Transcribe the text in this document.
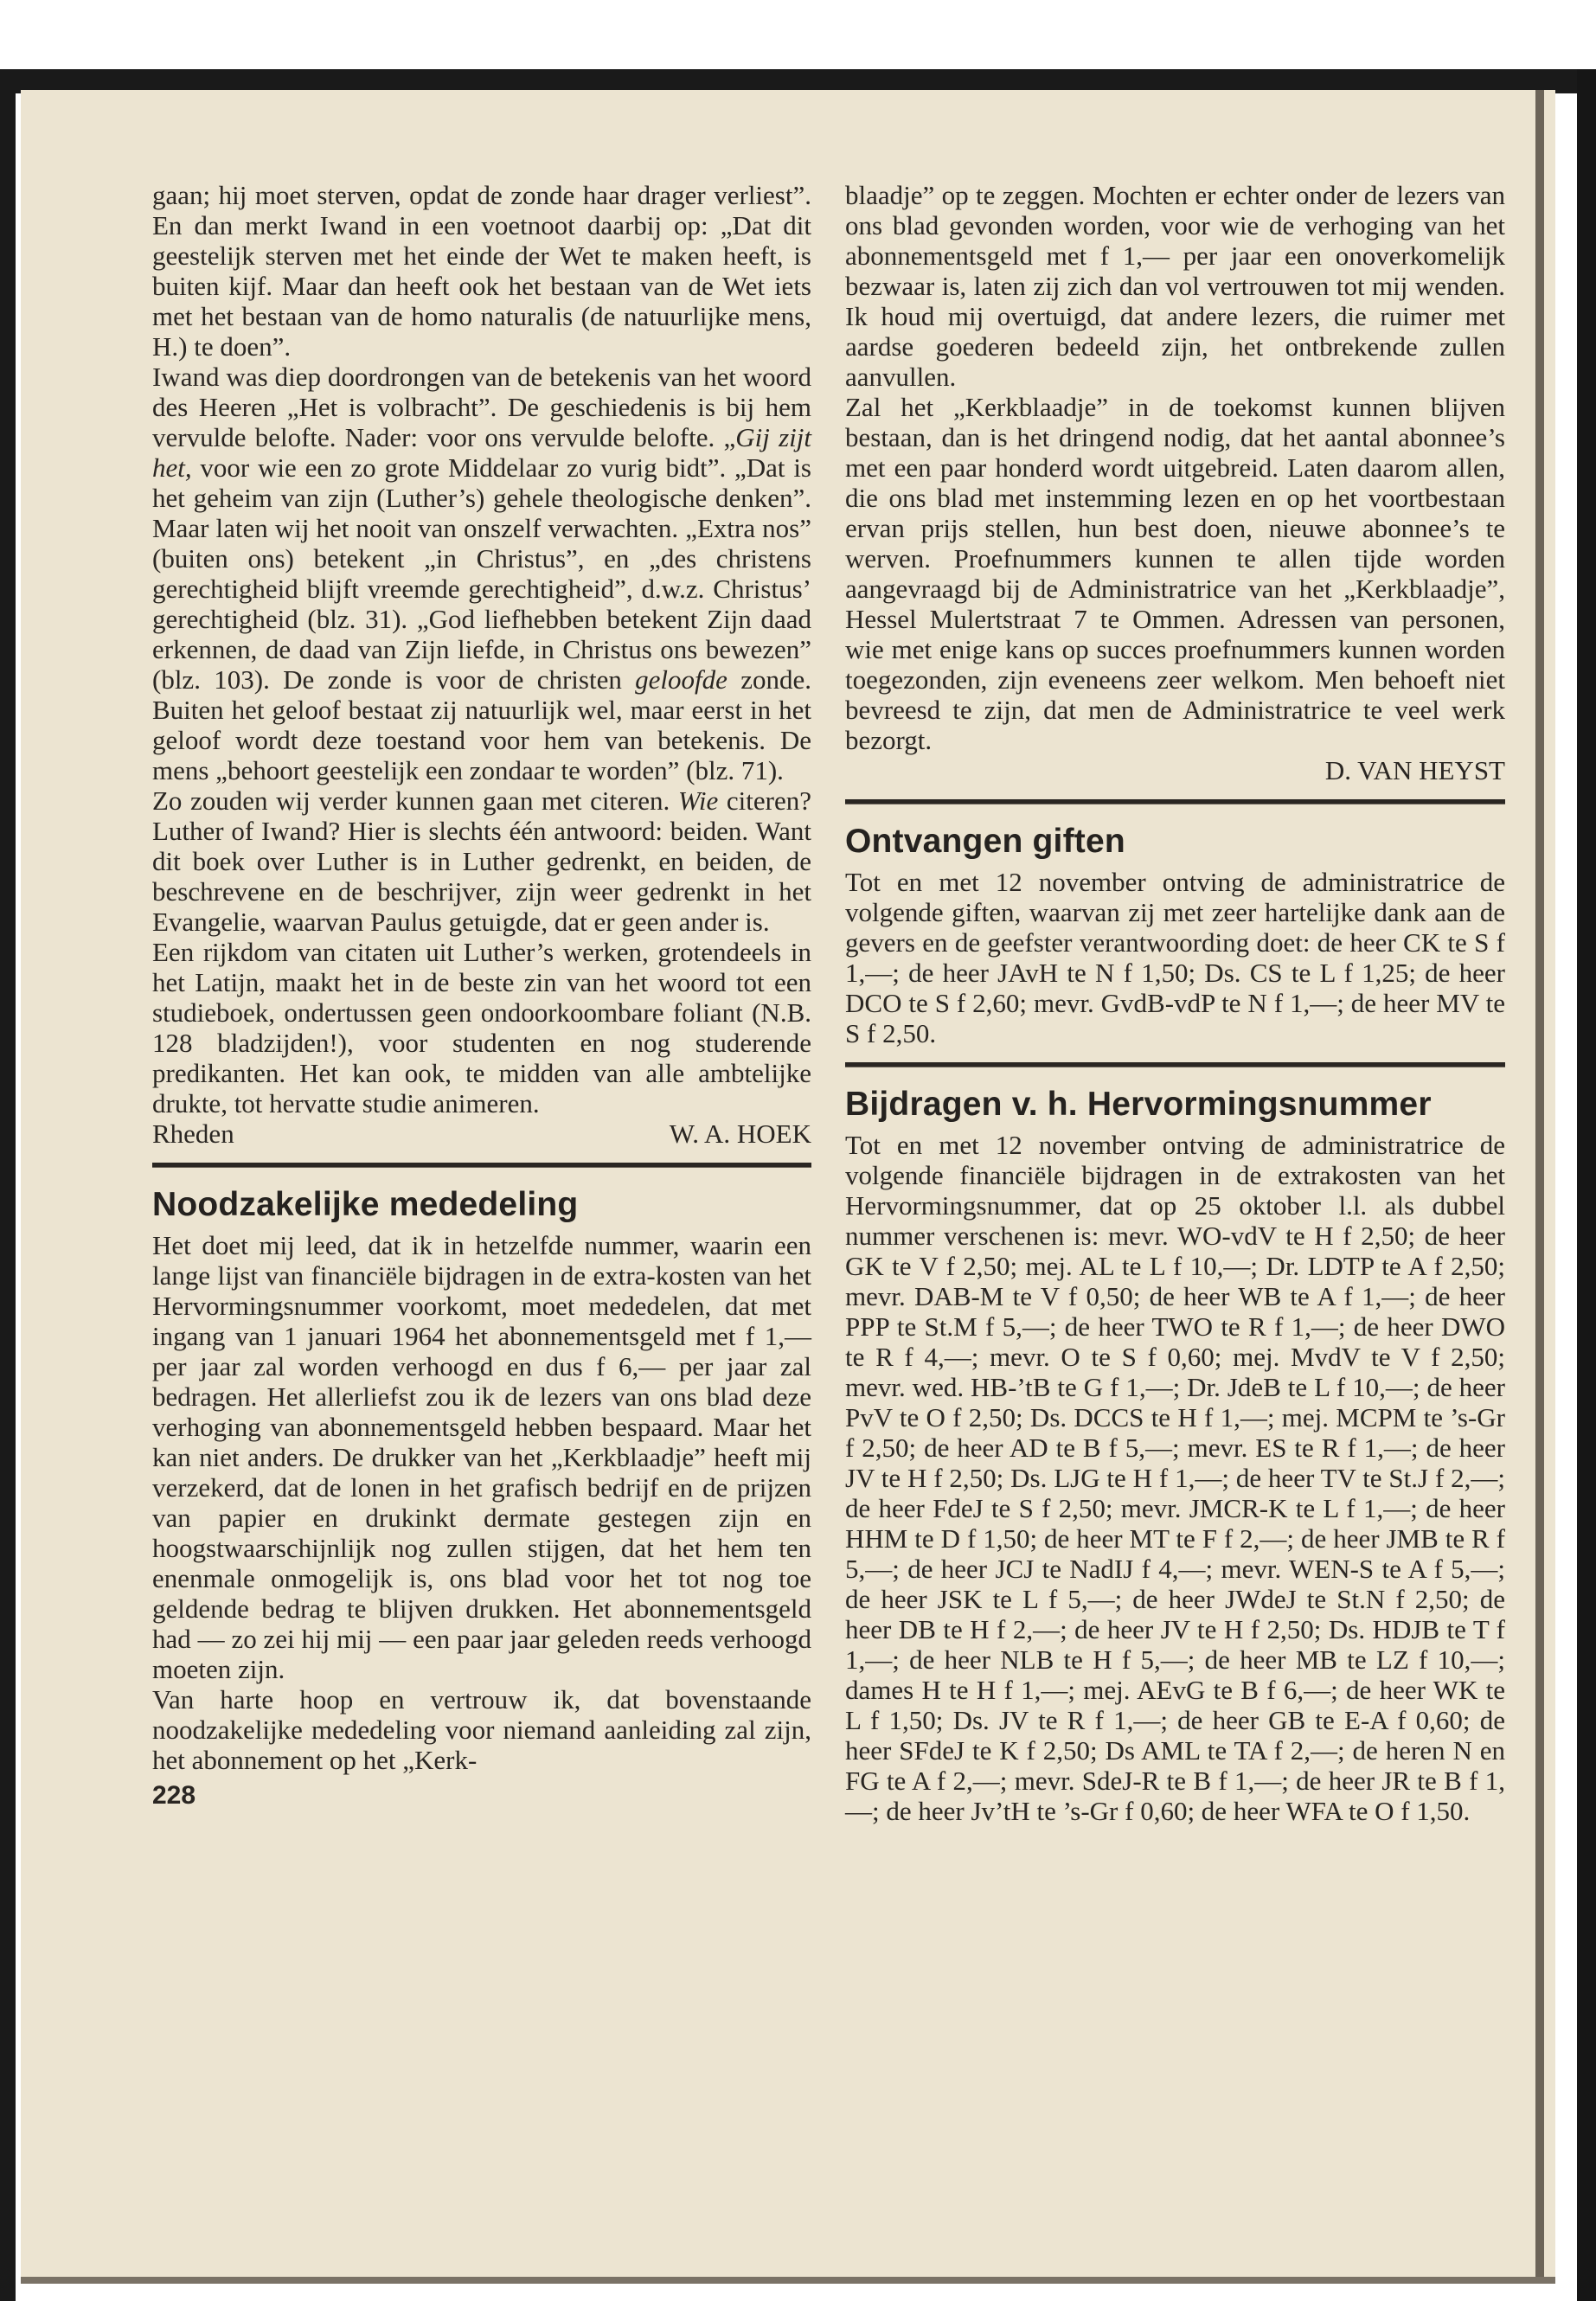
gaan; hij moet sterven, opdat de zonde haar drager verliest”. En dan merkt Iwand in een voetnoot daarbij op: „Dat dit geestelijk sterven met het einde der Wet te maken heeft, is buiten kijf. Maar dan heeft ook het bestaan van de Wet iets met het bestaan van de homo naturalis (de natuurlijke mens, H.) te doen”.

Iwand was diep doordrongen van de betekenis van het woord des Heeren „Het is volbracht”. De geschiedenis is bij hem vervulde belofte. Nader: voor ons vervulde belofte. „Gij zijt het, voor wie een zo grote Middelaar zo vurig bidt”. „Dat is het geheim van zijn (Luther’s) gehele theologische denken”. Maar laten wij het nooit van onszelf verwachten. „Extra nos” (buiten ons) betekent „in Christus”, en „des christens gerechtigheid blijft vreemde gerechtigheid”, d.w.z. Christus’ gerechtigheid (blz. 31). „God liefhebben betekent Zijn daad erkennen, de daad van Zijn liefde, in Christus ons bewezen” (blz. 103). De zonde is voor de christen geloofde zonde. Buiten het geloof bestaat zij natuurlijk wel, maar eerst in het geloof wordt deze toestand voor hem van betekenis. De mens „behoort geestelijk een zondaar te worden” (blz. 71).

Zo zouden wij verder kunnen gaan met citeren. Wie citeren? Luther of Iwand? Hier is slechts één antwoord: beiden. Want dit boek over Luther is in Luther gedrenkt, en beiden, de beschrevene en de beschrijver, zijn weer gedrenkt in het Evangelie, waarvan Paulus getuigde, dat er geen ander is.

Een rijkdom van citaten uit Luther’s werken, grotendeels in het Latijn, maakt het in de beste zin van het woord tot een studieboek, ondertussen geen ondoorkoombare foliant (N.B. 128 bladzijden!), voor studenten en nog studerende predikanten. Het kan ook, te midden van alle ambtelijke drukte, tot hervatte studie animeren.

Rheden	W. A. HOEK
Noodzakelijke mededeling

Het doet mij leed, dat ik in hetzelfde nummer, waarin een lange lijst van financiële bijdragen in de extra-kosten van het Hervormingsnummer voorkomt, moet mededelen, dat met ingang van 1 januari 1964 het abonnementsgeld met f 1,— per jaar zal worden verhoogd en dus f 6,— per jaar zal bedragen. Het allerliefst zou ik de lezers van ons blad deze verhoging van abonnementsgeld hebben bespaard. Maar het kan niet anders. De drukker van het „Kerkblaadje” heeft mij verzekerd, dat de lonen in het grafisch bedrijf en de prijzen van papier en drukinkt dermate gestegen zijn en hoogstwaarschijnlijk nog zullen stijgen, dat het hem ten enenmale onmogelijk is, ons blad voor het tot nog toe geldende bedrag te blijven drukken. Het abonnementsgeld had — zo zei hij mij — een paar jaar geleden reeds verhoogd moeten zijn.

Van harte hoop en vertrouw ik, dat bovenstaande noodzakelijke mededeling voor niemand aanleiding zal zijn, het abonnement op het „Kerk-

228

blaadje” op te zeggen. Mochten er echter onder de lezers van ons blad gevonden worden, voor wie de verhoging van het abonnementsgeld met f 1,— per jaar een onoverkomelijk bezwaar is, laten zij zich dan vol vertrouwen tot mij wenden. Ik houd mij overtuigd, dat andere lezers, die ruimer met aardse goederen bedeeld zijn, het ontbrekende zullen aanvullen.

Zal het „Kerkblaadje” in de toekomst kunnen blijven bestaan, dan is het dringend nodig, dat het aantal abonnee’s met een paar honderd wordt uitgebreid. Laten daarom allen, die ons blad met instemming lezen en op het voortbestaan ervan prijs stellen, hun best doen, nieuwe abonnee’s te werven. Proefnummers kunnen te allen tijde worden aangevraagd bij de Administratrice van het „Kerkblaadje”, Hessel Mulertstraat 7 te Ommen. Adressen van personen, wie met enige kans op succes proefnummers kunnen worden toegezonden, zijn eveneens zeer welkom. Men behoeft niet bevreesd te zijn, dat men de Administratrice te veel werk bezorgt.

D. VAN HEYST
Ontvangen giften

Tot en met 12 november ontving de administratrice de volgende giften, waarvan zij met zeer hartelijke dank aan de gevers en de geefster verantwoording doet: de heer CK te S f 1,—; de heer JAvH te N f 1,50; Ds. CS te L f 1,25; de heer DCO te S f 2,60; mevr. GvdB-vdP te N f 1,—; de heer MV te S f 2,50.

Bijdragen v. h. Hervormingsnummer

Tot en met 12 november ontving de administratrice de volgende financiële bijdragen in de extrakosten van het Hervormingsnummer, dat op 25 oktober l.l. als dubbel nummer verschenen is: mevr. WO-vdV te H f 2,50; de heer GK te V f 2,50; mej. AL te L f 10,—; Dr. LDTP te A f 2,50; mevr. DAB-M te V f 0,50; de heer WB te A f 1,—; de heer PPP te St.M f 5,—; de heer TWO te R f 1,—; de heer DWO te R f 4,—; mevr. O te S f 0,60; mej. MvdV te V f 2,50; mevr. wed. HB-’tB te G f 1,—; Dr. JdeB te L f 10,—; de heer PvV te O f 2,50; Ds. DCCS te H f 1,—; mej. MCPM te ’s-Gr f 2,50; de heer AD te B f 5,—; mevr. ES te R f 1,—; de heer JV te H f 2,50; Ds. LJG te H f 1,—; de heer TV te St.J f 2,—; de heer FdeJ te S f 2,50; mevr. JMCR-K te L f 1,—; de heer HHM te D f 1,50; de heer MT te F f 2,—; de heer JMB te R f 5,—; de heer JCJ te NadIJ f 4,—; mevr. WEN-S te A f 5,—; de heer JSK te L f 5,—; de heer JWdeJ te St.N f 2,50; de heer DB te H f 2,—; de heer JV te H f 2,50; Ds. HDJB te T f 1,—; de heer NLB te H f 5,—; de heer MB te LZ f 10,—; dames H te H f 1,—; mej. AEvG te B f 6,—; de heer WK te L f 1,50; Ds. JV te R f 1,—; de heer GB te E-A f 0,60; de heer SFdeJ te K f 2,50; Ds AML te TA f 2,—; de heren N en FG te A f 2,—; mevr. SdeJ-R te B f 1,—; de heer JR te B f 1,—; de heer Jv’tH te ’s-Gr f 0,60; de heer WFA te O f 1,50.
